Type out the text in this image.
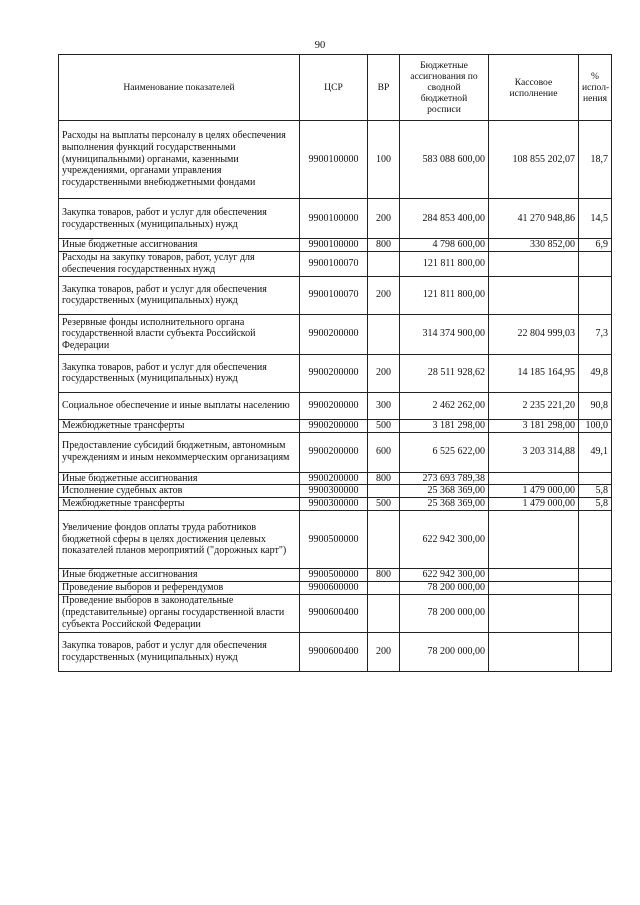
90
Наименование показателей	ЦСР	ВР	Бюджетные ассигнования по сводной бюджетной росписи	Кассовое исполнение	% испол-нения
Расходы на выплаты персоналу в целях обеспечения выполнения функций государственными (муниципальными) органами, казенными учреждениями, органами управления государственными внебюджетными фондами	9900100000	100	583 088 600,00	108 855 202,07	18,7
Закупка товаров, работ и услуг для обеспечения государственных (муниципальных) нужд	9900100000	200	284 853 400,00	41 270 948,86	14,5
Иные бюджетные ассигнования	9900100000	800	4 798 600,00	330 852,00	6,9
Расходы на закупку товаров, работ, услуг для обеспечения государственных нужд	9900100070		121 811 800,00		
Закупка товаров, работ и услуг для обеспечения государственных (муниципальных) нужд	9900100070	200	121 811 800,00		
Резервные фонды исполнительного органа государственной власти субъекта Российской Федерации	9900200000		314 374 900,00	22 804 999,03	7,3
Закупка товаров, работ и услуг для обеспечения государственных (муниципальных) нужд	9900200000	200	28 511 928,62	14 185 164,95	49,8
Социальное обеспечение и иные выплаты населению	9900200000	300	2 462 262,00	2 235 221,20	90,8
Межбюджетные трансферты	9900200000	500	3 181 298,00	3 181 298,00	100,0
Предоставление субсидий бюджетным, автономным учреждениям и иным некоммерческим организациям	9900200000	600	6 525 622,00	3 203 314,88	49,1
Иные бюджетные ассигнования	9900200000	800	273 693 789,38		
Исполнение судебных актов	9900300000		25 368 369,00	1 479 000,00	5,8
Межбюджетные трансферты	9900300000	500	25 368 369,00	1 479 000,00	5,8
Увеличение фондов оплаты труда работников бюджетной сферы в целях достижения целевых показателей планов мероприятий ("дорожных карт")	9900500000		622 942 300,00		
Иные бюджетные ассигнования	9900500000	800	622 942 300,00		
Проведение выборов и референдумов	9900600000		78 200 000,00		
Проведение выборов в законодательные (представительные) органы государственной власти субъекта Российской Федерации	9900600400		78 200 000,00		
Закупка товаров, работ и услуг для обеспечения государственных (муниципальных) нужд	9900600400	200	78 200 000,00		
